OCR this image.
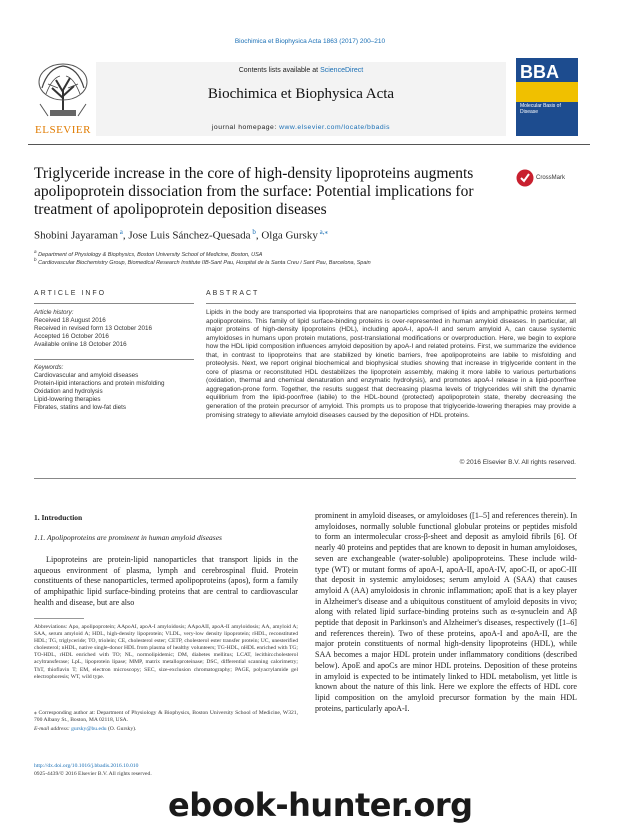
Biochimica et Biophysica Acta 1863 (2017) 200–210
ELSEVIER
Contents lists available at ScienceDirect
Biochimica et Biophysica Acta
journal homepage: www.elsevier.com/locate/bbadis
BBA
Molecular Basis of Disease
Triglyceride increase in the core of high-density lipoproteins augments apolipoprotein dissociation from the surface: Potential implications for treatment of apolipoprotein deposition diseases
CrossMark
Shobini Jayaraman $^a$, Jose Luis Sánchez-Quesada $^b$, Olga Gursky $^{a,⁎}$
$^a$ Department of Physiology & Biophysics, Boston University School of Medicine, Boston, USA
$^b$ Cardiovascular Biochemistry Group, Biomedical Research Institute IIB-Sant Pau, Hospital de la Santa Creu i Sant Pau, Barcelona, Spain
ARTICLE INFO
Article history:
Received 18 August 2016
Received in revised form 13 October 2016
Accepted 16 October 2016
Available online 18 October 2016
Keywords:
Cardiovascular and amyloid diseases
Protein-lipid interactions and protein misfolding
Oxidation and hydrolysis
Lipid-lowering therapies
Fibrates, statins and low-fat diets
ABSTRACT
Lipids in the body are transported via lipoproteins that are nanoparticles comprised of lipids and amphipathic proteins termed apolipoproteins. This family of lipid surface-binding proteins is over-represented in human amyloid diseases. In particular, all major proteins of high-density lipoproteins (HDL), including apoA-I, apoA-II and serum amyloid A, can cause systemic amyloidoses in humans upon protein mutations, post-translational modifications or overproduction. Here, we begin to explore how the HDL lipid composition influences amyloid deposition by apoA-I and related proteins. First, we summarize the evidence that, in contrast to lipoproteins that are stabilized by kinetic barriers, free apolipoproteins are labile to misfolding and proteolysis. Next, we report original biochemical and biophysical studies showing that increase in triglyceride content in the core of plasma or reconstituted HDL destabilizes the lipoprotein assembly, making it more labile to various perturbations (oxidation, thermal and chemical denaturation and enzymatic hydrolysis), and promotes apoA-I release in a lipid-poor/free aggregation-prone form. Together, the results suggest that decreasing plasma levels of triglycerides will shift the dynamic equilibrium from the lipid-poor/free (labile) to the HDL-bound (protected) apolipoprotein state, thereby decreasing the generation of the protein precursor of amyloid. This prompts us to propose that triglyceride-lowering therapies may provide a promising strategy to alleviate amyloid diseases caused by the deposition of HDL proteins.
© 2016 Elsevier B.V. All rights reserved.
1. Introduction
1.1. Apolipoproteins are prominent in human amyloid diseases
Lipoproteins are protein-lipid nanoparticles that transport lipids in the aqueous environment of plasma, lymph and cerebrospinal fluid. Protein constituents of these nanoparticles, termed apolipoproteins (apos), form a family of amphipathic lipid surface-binding proteins that are central to cardiovascular health and disease, but are also
Abbreviations: Apo, apolipoprotein; AApoAI, apoA-I amyloidosis; AApoAII, apoA-II amyloidosis; AA, amyloid A; SAA, serum amyloid A; HDL, high-density lipoprotein; VLDL, very-low density lipoprotein; rHDL, reconstituted HDL; TG, triglyceride; TO, triolein; CE, cholesterol ester; CETP, cholesterol ester transfer protein; UC, unesterified cholesterol; nHDL, native single-donor HDL from plasma of healthy volunteers; TG-HDL, nHDL enriched with TG; TO-HDL, rHDL enriched with TO; NL, normolipidemic; DM, diabetes mellitus; LCAT, lecithin:cholesterol acyltransferase; LpL, lipoprotein lipase; MMP, matrix metalloproteinase; DSC, differential scanning calorimetry; ThT, thioflavin T; EM, electron microscopy; SEC, size-exclusion chromatography; PAGE, polyacrylamide gel electrophoresis; WT, wild type.
⁎ Corresponding author at: Department of Physiology & Biophysics, Boston University School of Medicine, W321, 700 Albany St., Boston, MA 02118, USA.
E-mail address: gursky@bu.edu (O. Gursky).
http://dx.doi.org/10.1016/j.bbadis.2016.10.010
0925-4439/© 2016 Elsevier B.V. All rights reserved.
prominent in amyloid diseases, or amyloidoses ([1–5] and references therein). In amyloidoses, normally soluble functional globular proteins or peptides misfold to form an intermolecular cross-β-sheet and deposit as amyloid fibrils [6]. Of nearly 40 proteins and peptides that are known to deposit in human amyloidoses, seven are exchangeable (water-soluble) apolipoproteins. These include wild-type (WT) or mutant forms of apoA-I, apoA-II, apoA-IV, apoC-II, or apoC-III that deposit in systemic amyloidoses; serum amyloid A (SAA) that causes amyloid A (AA) amyloidosis in chronic inflammation; apoE that is a key player in Alzheimer's disease and a ubiquitous constituent of amyloid deposits in vivo; along with related lipid surface-binding proteins such as α-synuclein and Aβ peptide that deposit in Parkinson's and Alzheimer's diseases, respectively ([1–6] and references therein). Two of these proteins, apoA-I and apoA-II, are the major protein constituents of normal high-density lipoproteins (HDL), while SAA becomes a major HDL protein under inflammatory conditions (described below). ApoE and apoCs are minor HDL proteins. Deposition of these proteins in amyloid is expected to be intimately linked to HDL metabolism, yet little is known about the nature of this link. Here we explore the effects of HDL core lipid composition on the amyloid precursor formation by the main HDL proteins, particularly apoA-I.
ebook-hunter.org
